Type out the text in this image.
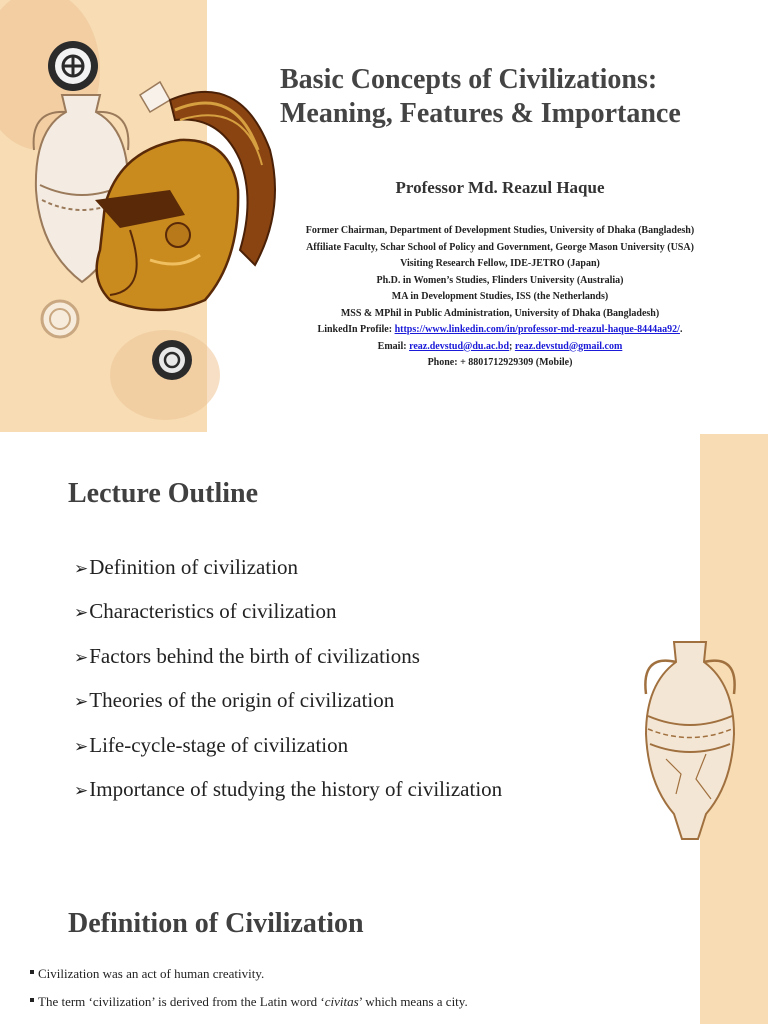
Basic Concepts of Civilizations:
Meaning, Features & Importance
Professor Md. Reazul Haque
Former Chairman, Department of Development Studies, University of Dhaka (Bangladesh)
Affiliate Faculty, Schar School of Policy and Government, George Mason University (USA)
Visiting Research Fellow, IDE-JETRO (Japan)
Ph.D. in Women’s Studies, Flinders University (Australia)
MA in Development Studies, ISS (the Netherlands)
MSS & MPhil in Public Administration, University of Dhaka (Bangladesh)
LinkedIn Profile: https://www.linkedin.com/in/professor-md-reazul-haque-8444aa92/.
Email: reaz.devstud@du.ac.bd; reaz.devstud@gmail.com
Phone: + 8801712929309 (Mobile)
Lecture Outline
➢Definition of civilization
➢Characteristics of civilization
➢Factors behind the birth of civilizations
➢Theories of the origin of civilization
➢Life-cycle-stage of civilization
➢Importance of studying the history of civilization
Definition of Civilization
Civilization was an act of human creativity.
The term ‘civilization’ is derived from the Latin word ‘civitas’ which means a city.
